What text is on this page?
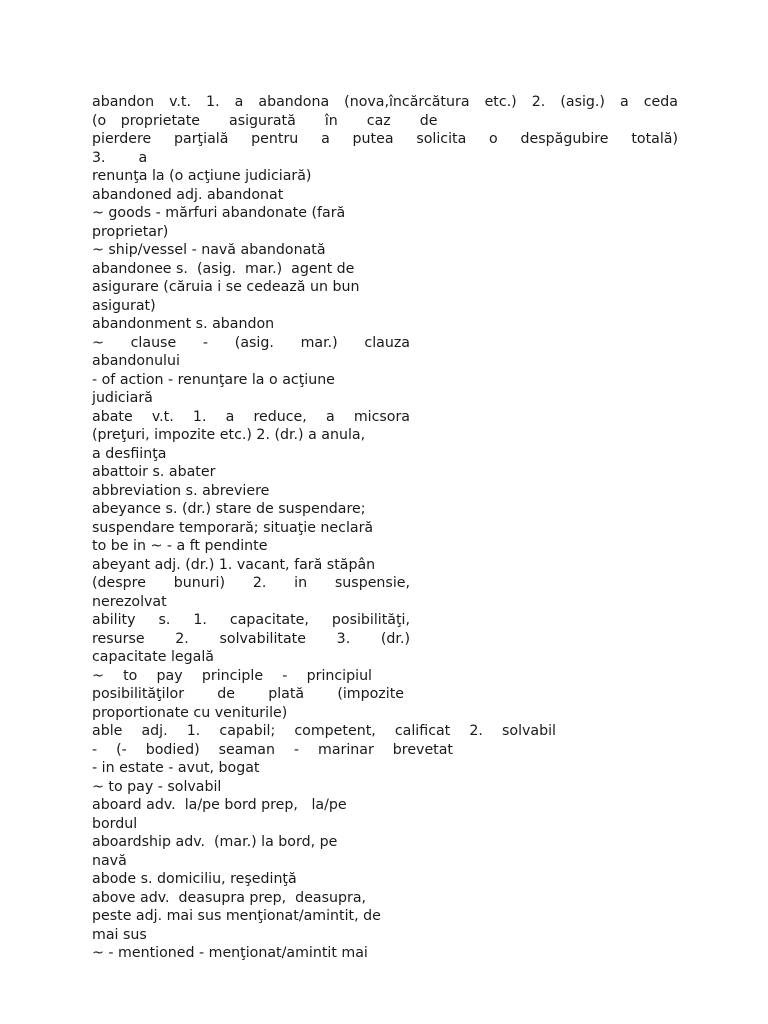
abandon v.t. 1. a abandona (nova,încărcătura etc.) 2. (asig.) a ceda
(o proprietate  asigurată  în  caz  de
pierdere parţială pentru a putea solicita o despăgubire totală)
3.  a
renunţa la (o acţiune judiciară)
abandoned adj. abandonat
~ goods - mărfuri abandonate (fară
proprietar)
~ ship/vessel - navă abandonată
abandonee s.  (asig.  mar.)  agent de
asigurare (căruia i se cedează un bun
asigurat)
abandonment s. abandon
~ clause - (asig. mar.) clauza
abandonului
- of action - renunţare la o acţiune
judiciară
abate v.t. 1. a reduce, a micsora
(preţuri, impozite etc.) 2. (dr.) a anula,
a desfiinţa
abattoir s. abater
abbreviation s. abreviere
abeyance s. (dr.) stare de suspendare;
suspendare temporară; situaţie neclară
to be in ~ - a ft pendinte
abeyant adj. (dr.) 1. vacant, fară stăpân
(despre bunuri) 2. in suspensie,
nerezolvat
ability s. 1. capacitate, posibilităţi,
resurse 2. solvabilitate 3. (dr.)
capacitate legală
~ to pay principle - principiul
posibilităţilor de plată (impozite
proportionate cu veniturile)
able adj. 1. capabil; competent, calificat 2. solvabil
- (- bodied) seaman - marinar brevetat
- in estate - avut, bogat
~ to pay - solvabil
aboard adv.  la/pe bord prep,   la/pe
bordul
aboardship adv.  (mar.) la bord, pe
navă
abode s. domiciliu, reşedinţă
above adv.  deasupra prep,  deasupra,
peste adj. mai sus menţionat/amintit, de
mai sus
~ - mentioned - menţionat/amintit mai
